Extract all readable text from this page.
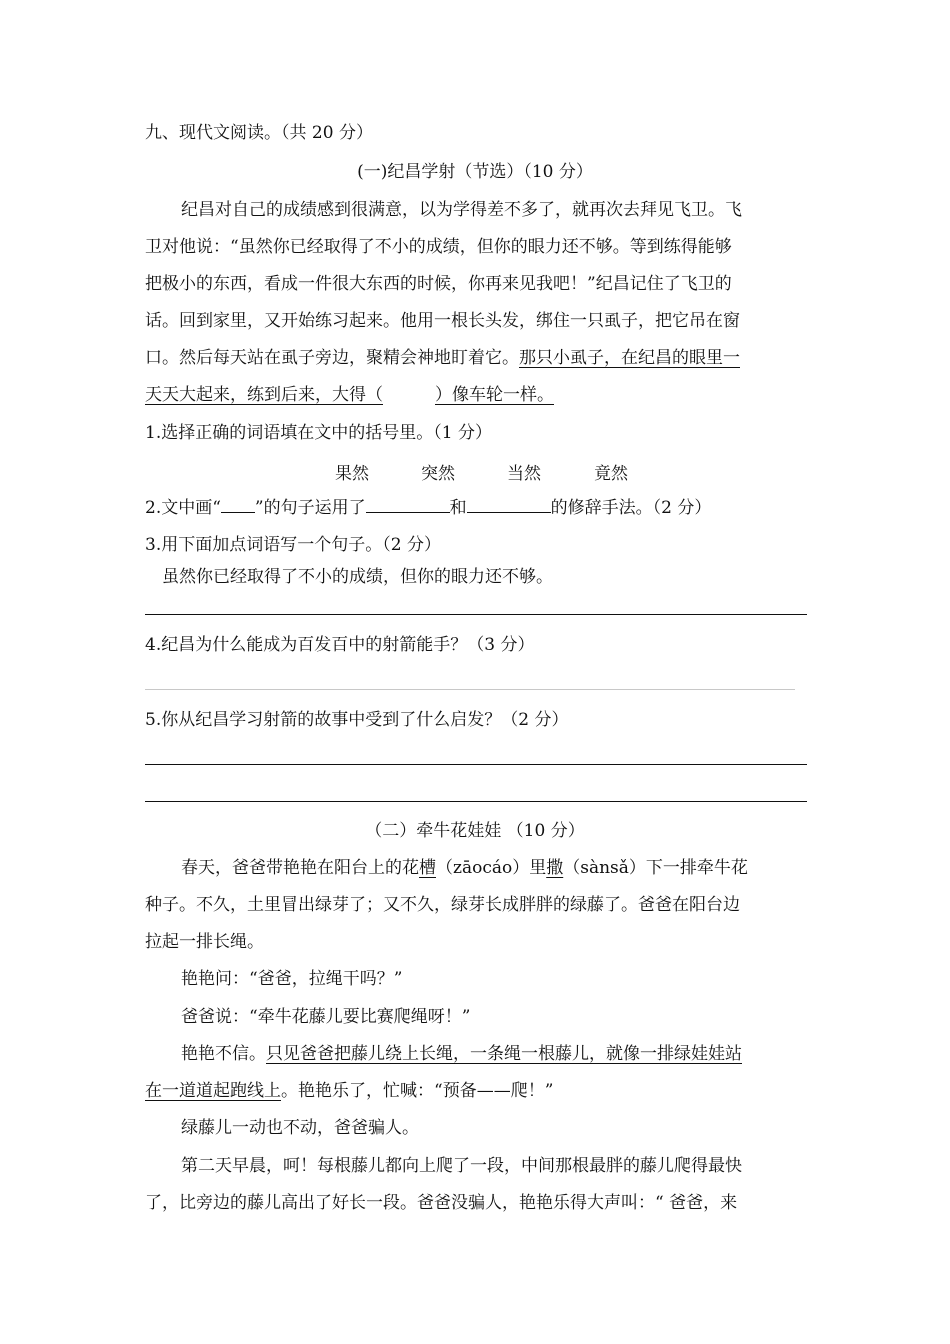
九、现代文阅读。（共 20 分）
(一)纪昌学射（节选）（10 分）
纪昌对自己的成绩感到很满意，以为学得差不多了，就再次去拜见飞卫。飞
卫对他说：“虽然你已经取得了不小的成绩，但你的眼力还不够。等到练得能够
把极小的东西，看成一件很大东西的时候，你再来见我吧！”纪昌记住了飞卫的
话。回到家里，又开始练习起来。他用一根长头发，绑住一只虱子，把它吊在窗
口。然后每天站在虱子旁边，聚精会神地盯着它。那只小虱子，在纪昌的眼里一
天天大起来，练到后来，大得（	）像车轮一样。
1.选择正确的词语填在文中的括号里。（1 分）
果然	突然	当然	竟然
2.文中画“ ”的句子运用了	和	的修辞手法。（2 分）
3.用下面加点词语写一个句子。（2 分）
虽然你已经取得了不小的成绩，但你的眼力还不够。
4.纪昌为什么能成为百发百中的射箭能手？（3 分）
5.你从纪昌学习射箭的故事中受到了什么启发？（2 分）
（二）牵牛花娃娃 （10 分）
春天，爸爸带艳艳在阳台上的花槽（zāocáo）里撒（sànsǎ）下一排牵牛花
种子。不久，土里冒出绿芽了；又不久，绿芽长成胖胖的绿藤了。爸爸在阳台边
拉起一排长绳。
艳艳问：“爸爸，拉绳干吗？”
爸爸说：“牵牛花藤儿要比赛爬绳呀！”
艳艳不信。只见爸爸把藤儿绕上长绳，一条绳一根藤儿，就像一排绿娃娃站
在一道道起跑线上。艳艳乐了，忙喊：“预备——爬！”
绿藤儿一动也不动，爸爸骗人。
第二天早晨，呵！每根藤儿都向上爬了一段，中间那根最胖的藤儿爬得最快
了，比旁边的藤儿高出了好长一段。爸爸没骗人，艳艳乐得大声叫：“ 爸爸，来
